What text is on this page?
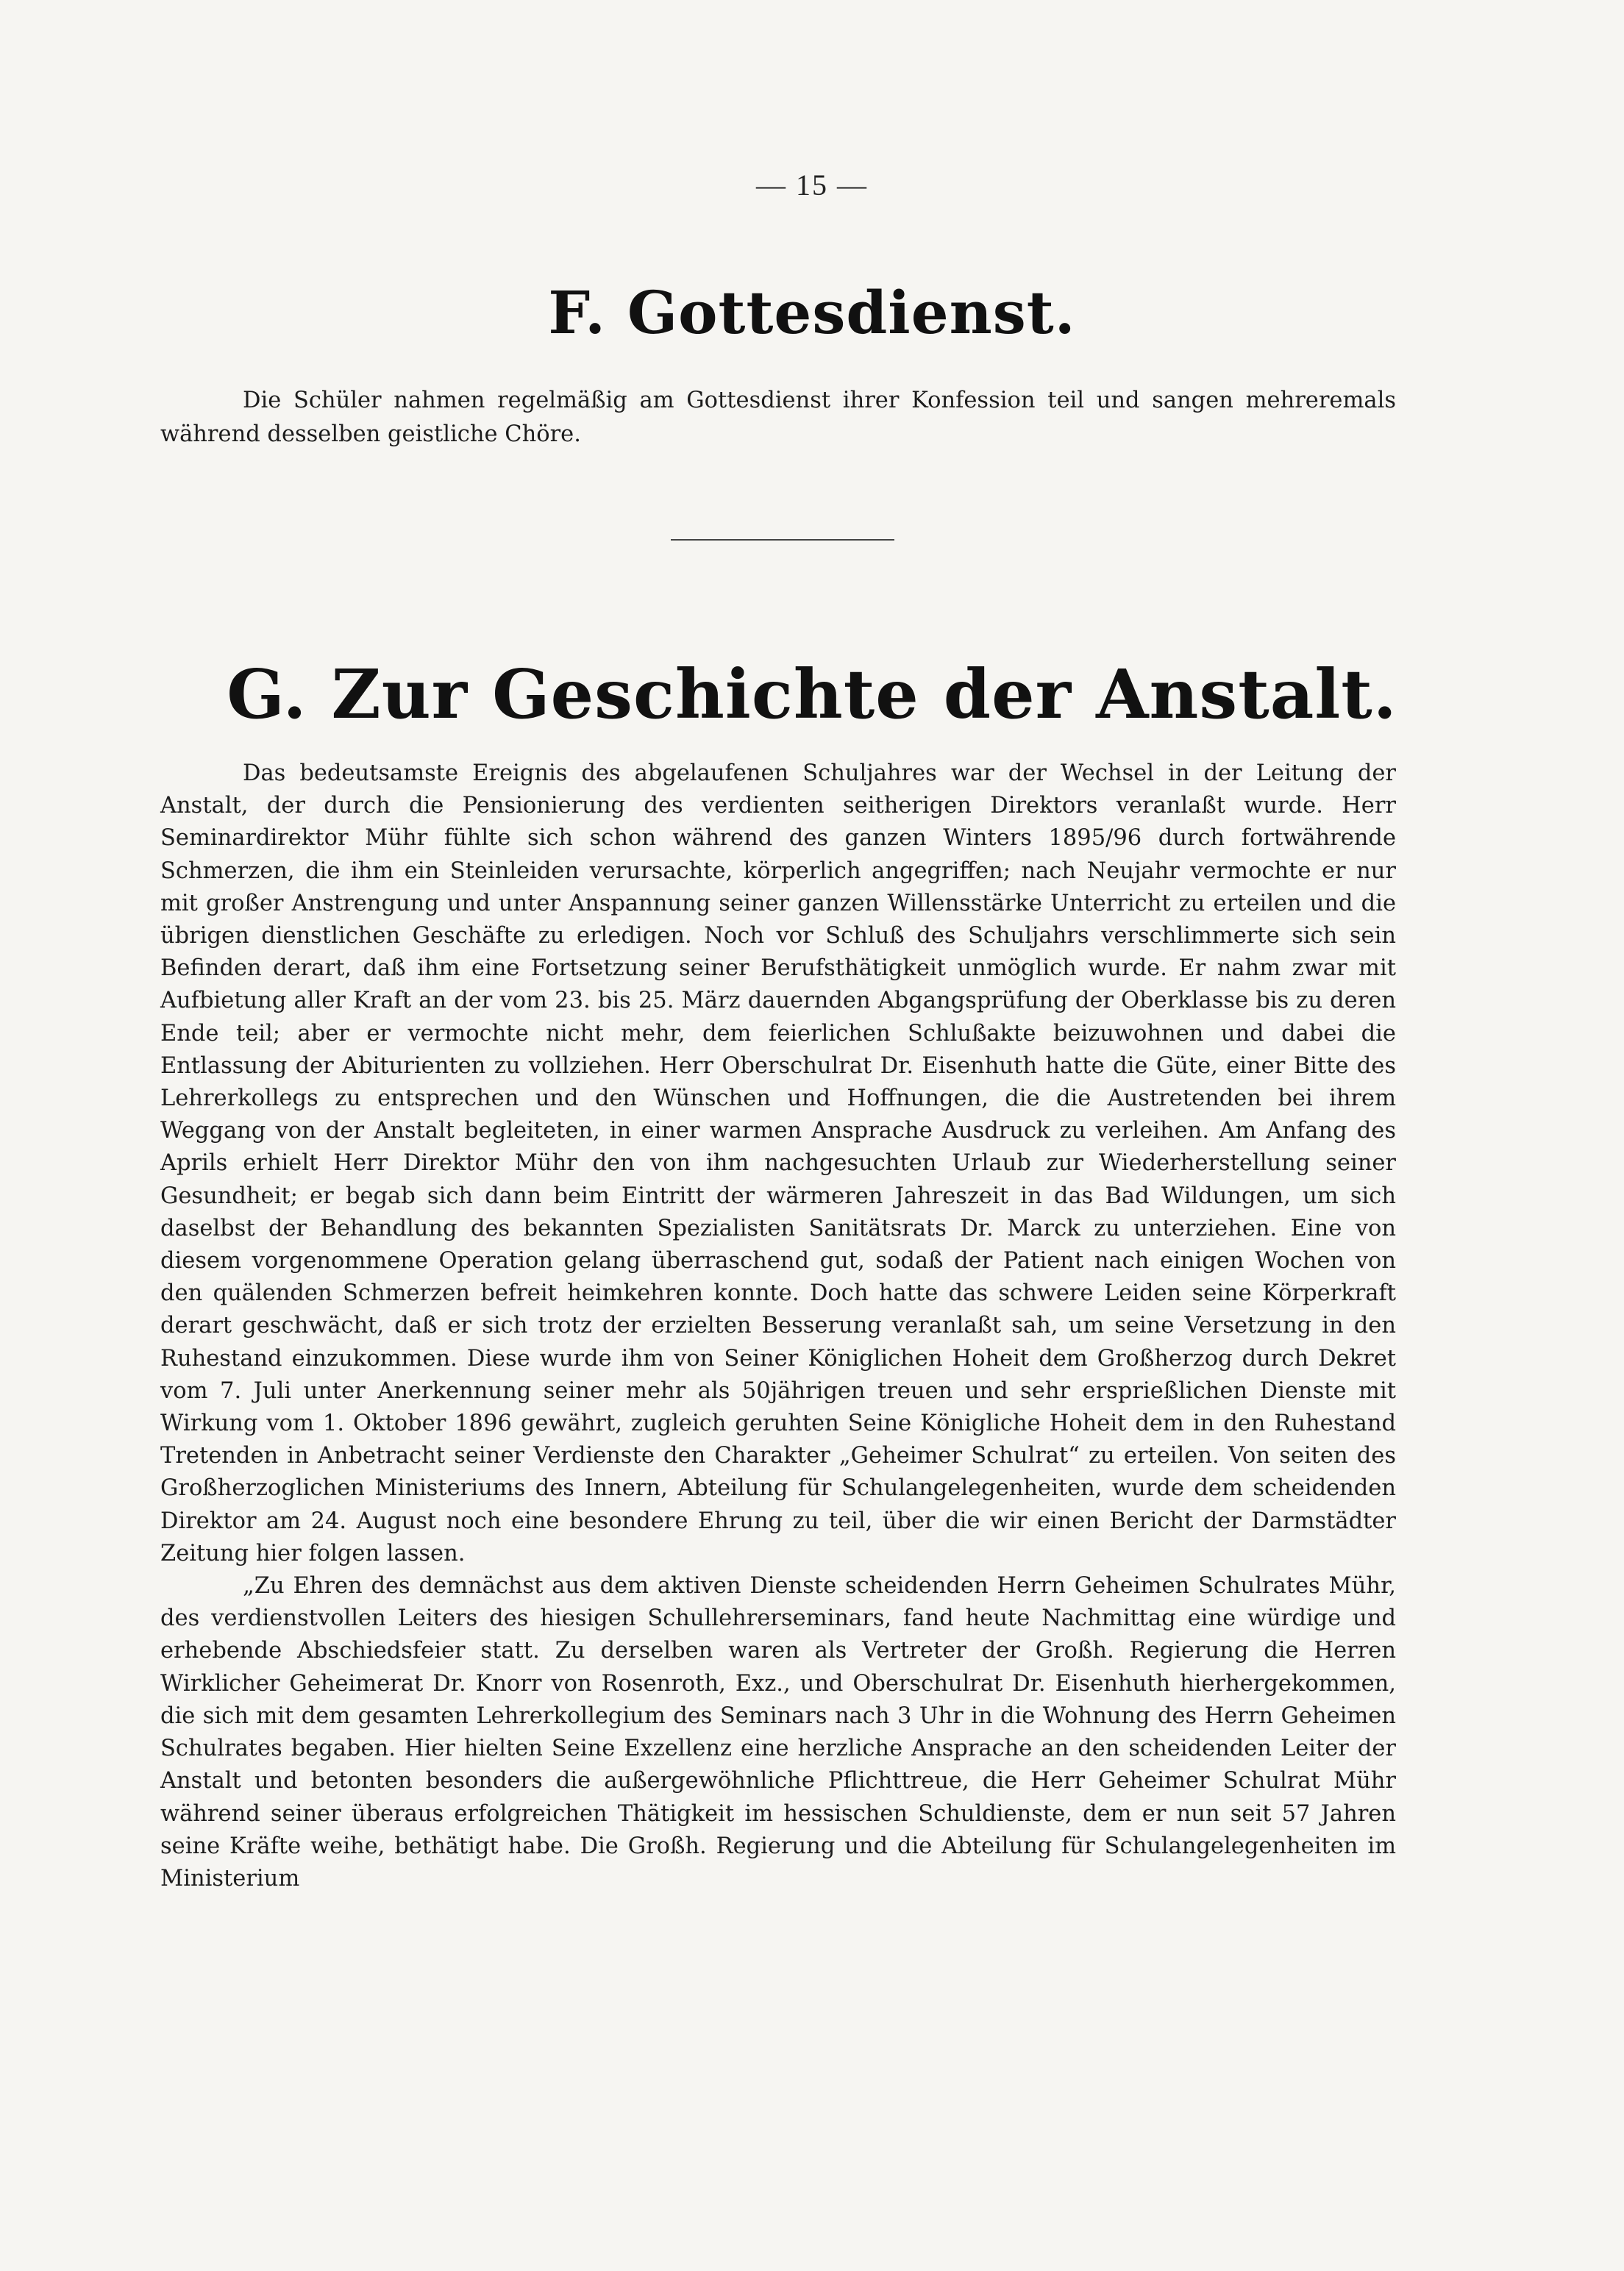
— 15 —
F. Gottesdienst.

Die Schüler nahmen regelmäßig am Gottesdienst ihrer Konfession teil und sangen mehreremals während desselben geistliche Chöre.

G. Zur Geschichte der Anstalt.

Das bedeutsamste Ereignis des abgelaufenen Schuljahres war der Wechsel in der Leitung der Anstalt, der durch die Pensionierung des verdienten seitherigen Direktors veranlaßt wurde. Herr Seminardirektor Mühr fühlte sich schon während des ganzen Winters 1895/96 durch fortwährende Schmerzen, die ihm ein Steinleiden verursachte, körperlich angegriffen; nach Neujahr vermochte er nur mit großer Anstrengung und unter Anspannung seiner ganzen Willensstärke Unterricht zu erteilen und die übrigen dienstlichen Geschäfte zu erledigen. Noch vor Schluß des Schuljahrs verschlimmerte sich sein Befinden derart, daß ihm eine Fortsetzung seiner Berufsthätigkeit unmöglich wurde. Er nahm zwar mit Aufbietung aller Kraft an der vom 23. bis 25. März dauernden Abgangsprüfung der Oberklasse bis zu deren Ende teil; aber er vermochte nicht mehr, dem feierlichen Schlußakte beizuwohnen und dabei die Entlassung der Abiturienten zu vollziehen. Herr Oberschulrat Dr. Eisenhuth hatte die Güte, einer Bitte des Lehrerkollegs zu entsprechen und den Wünschen und Hoffnungen, die die Austretenden bei ihrem Weggang von der Anstalt begleiteten, in einer warmen Ansprache Ausdruck zu verleihen. Am Anfang des Aprils erhielt Herr Direktor Mühr den von ihm nachgesuchten Urlaub zur Wiederherstellung seiner Gesundheit; er begab sich dann beim Eintritt der wärmeren Jahreszeit in das Bad Wildungen, um sich daselbst der Behandlung des bekannten Spezialisten Sanitätsrats Dr. Marck zu unterziehen. Eine von diesem vorgenommene Operation gelang überraschend gut, sodaß der Patient nach einigen Wochen von den quälenden Schmerzen befreit heimkehren konnte. Doch hatte das schwere Leiden seine Körperkraft derart geschwächt, daß er sich trotz der erzielten Besserung veranlaßt sah, um seine Versetzung in den Ruhestand einzukommen. Diese wurde ihm von Seiner Königlichen Hoheit dem Großherzog durch Dekret vom 7. Juli unter Anerkennung seiner mehr als 50jährigen treuen und sehr ersprießlichen Dienste mit Wirkung vom 1. Oktober 1896 gewährt, zugleich geruhten Seine Königliche Hoheit dem in den Ruhestand Tretenden in Anbetracht seiner Verdienste den Charakter „Geheimer Schulrat“ zu erteilen. Von seiten des Großherzoglichen Ministeriums des Innern, Abteilung für Schulangelegenheiten, wurde dem scheidenden Direktor am 24. August noch eine besondere Ehrung zu teil, über die wir einen Bericht der Darmstädter Zeitung hier folgen lassen.

„Zu Ehren des demnächst aus dem aktiven Dienste scheidenden Herrn Geheimen Schulrates Mühr, des verdienstvollen Leiters des hiesigen Schullehrerseminars, fand heute Nachmittag eine würdige und erhebende Abschiedsfeier statt. Zu derselben waren als Vertreter der Großh. Regierung die Herren Wirklicher Geheimerat Dr. Knorr von Rosenroth, Exz., und Oberschulrat Dr. Eisenhuth hierhergekommen, die sich mit dem gesamten Lehrerkollegium des Seminars nach 3 Uhr in die Wohnung des Herrn Geheimen Schulrates begaben. Hier hielten Seine Exzellenz eine herzliche Ansprache an den scheidenden Leiter der Anstalt und betonten besonders die außergewöhnliche Pflichttreue, die Herr Geheimer Schulrat Mühr während seiner überaus erfolgreichen Thätigkeit im hessischen Schuldienste, dem er nun seit 57 Jahren seine Kräfte weihe, bethätigt habe. Die Großh. Regierung und die Abteilung für Schulangelegenheiten im Ministerium
